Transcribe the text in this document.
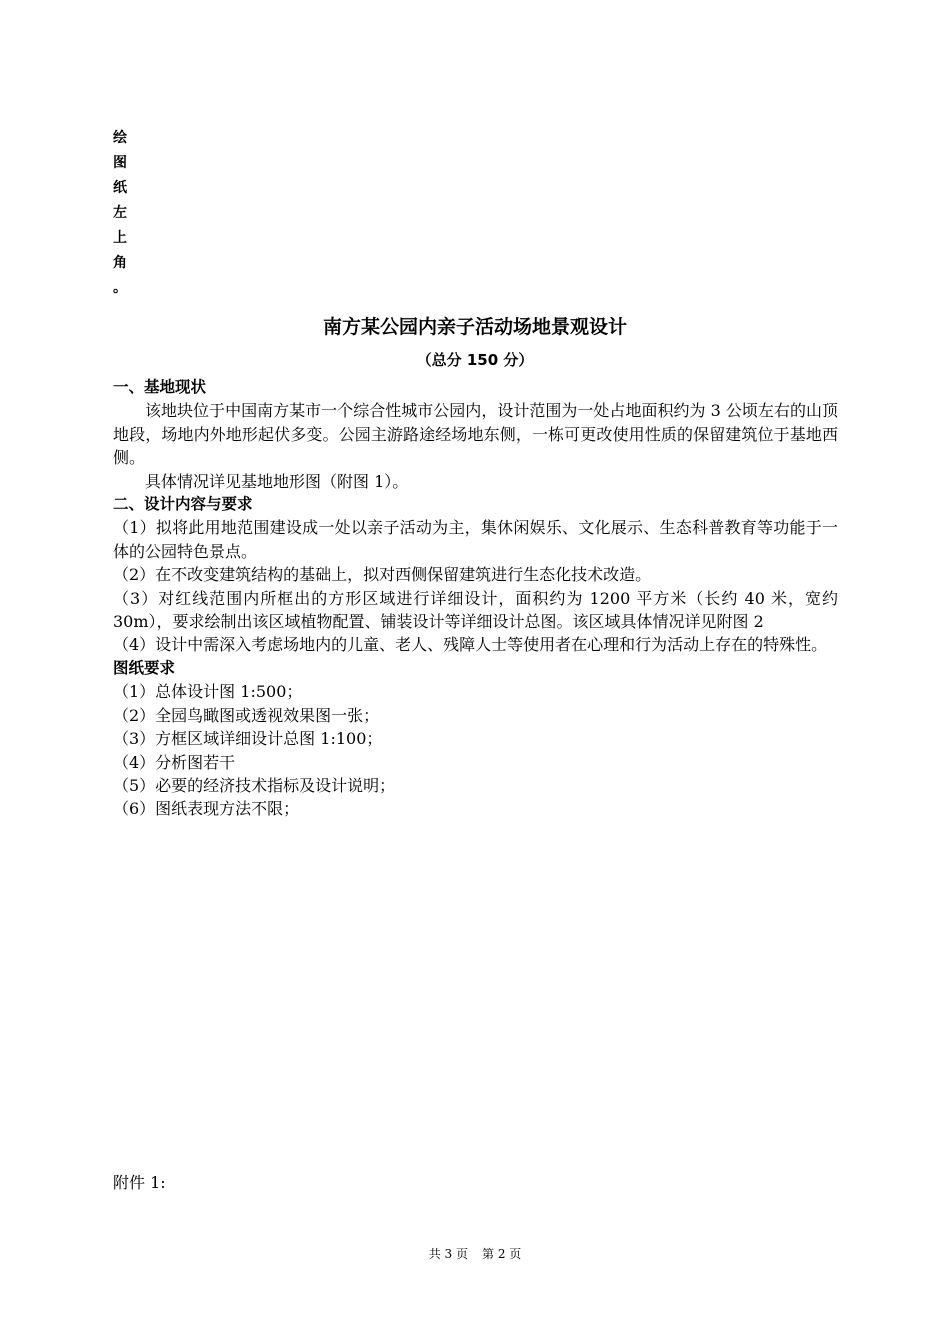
绘
图
纸
左
上
角
。
南方某公园内亲子活动场地景观设计
（总分 150 分）

一、基地现状

该地块位于中国南方某市一个综合性城市公园内，设计范围为一处占地面积约为 3 公顷左右的山顶地段，场地内外地形起伏多变。公园主游路途经场地东侧，一栋可更改使用性质的保留建筑位于基地西侧。

具体情况详见基地地形图（附图 1）。

二、设计内容与要求

（1）拟将此用地范围建设成一处以亲子活动为主，集休闲娱乐、文化展示、生态科普教育等功能于一体的公园特色景点。

（2）在不改变建筑结构的基础上，拟对西侧保留建筑进行生态化技术改造。

（3）对红线范围内所框出的方形区域进行详细设计，面积约为 1200 平方米（长约 40 米，宽约 30m），要求绘制出该区域植物配置、铺装设计等详细设计总图。该区域具体情况详见附图 2

（4）设计中需深入考虑场地内的儿童、老人、残障人士等使用者在心理和行为活动上存在的特殊性。

图纸要求

（1）总体设计图 1:500；

（2）全园鸟瞰图或透视效果图一张；

（3）方框区域详细设计总图 1:100；

（4）分析图若干

（5）必要的经济技术指标及设计说明；

（6）图纸表现方法不限；

附件 1:
共 3 页 第 2 页
